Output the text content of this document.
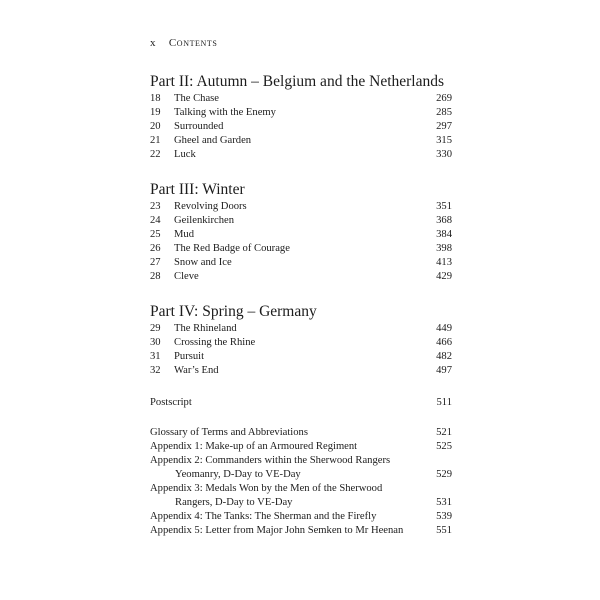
x Contents
Part II: Autumn – Belgium and the Netherlands
18	The Chase	269
19	Talking with the Enemy	285
20	Surrounded	297
21	Gheel and Garden	315
22	Luck	330
Part III: Winter
23	Revolving Doors	351
24	Geilenkirchen	368
25	Mud	384
26	The Red Badge of Courage	398
27	Snow and Ice	413
28	Cleve	429
Part IV: Spring – Germany
29	The Rhineland	449
30	Crossing the Rhine	466
31	Pursuit	482
32	War’s End	497
Postscript	511
Glossary of Terms and Abbreviations	521
Appendix 1: Make-up of an Armoured Regiment	525
Appendix 2: Commanders within the Sherwood Rangers
Yeomanry, D-Day to VE-Day	529
Appendix 3: Medals Won by the Men of the Sherwood
Rangers, D-Day to VE-Day	531
Appendix 4: The Tanks: The Sherman and the Firefly	539
Appendix 5: Letter from Major John Semken to Mr Heenan	551
